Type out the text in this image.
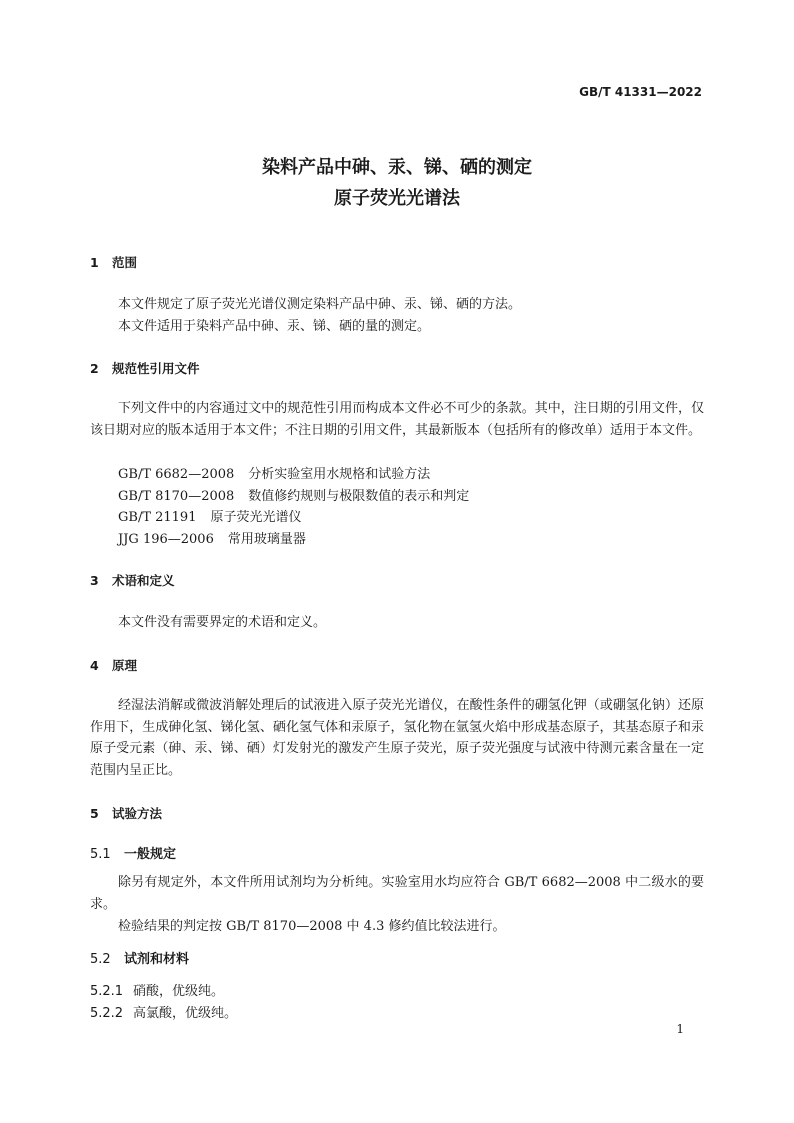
GB/T 41331—2022
染料产品中砷、汞、锑、硒的测定
原子荧光光谱法
1 范围
本文件规定了原子荧光光谱仪测定染料产品中砷、汞、锑、硒的方法。
本文件适用于染料产品中砷、汞、锑、硒的量的测定。
2 规范性引用文件
下列文件中的内容通过文中的规范性引用而构成本文件必不可少的条款。其中，注日期的引用文件，仅该日期对应的版本适用于本文件；不注日期的引用文件，其最新版本（包括所有的修改单）适用于本文件。
GB/T 6682—2008 分析实验室用水规格和试验方法
GB/T 8170—2008 数值修约规则与极限数值的表示和判定
GB/T 21191 原子荧光光谱仪
JJG 196—2006 常用玻璃量器
3 术语和定义
本文件没有需要界定的术语和定义。
4 原理
经湿法消解或微波消解处理后的试液进入原子荧光光谱仪，在酸性条件的硼氢化钾（或硼氢化钠）还原作用下，生成砷化氢、锑化氢、硒化氢气体和汞原子，氢化物在氩氢火焰中形成基态原子，其基态原子和汞原子受元素（砷、汞、锑、硒）灯发射光的激发产生原子荧光，原子荧光强度与试液中待测元素含量在一定范围内呈正比。
5 试验方法
5.1 一般规定
除另有规定外，本文件所用试剂均为分析纯。实验室用水均应符合 GB/T 6682—2008 中二级水的要求。
检验结果的判定按 GB/T 8170—2008 中 4.3 修约值比较法进行。
5.2 试剂和材料
5.2.1 硝酸，优级纯。
5.2.2 高氯酸，优级纯。
1
